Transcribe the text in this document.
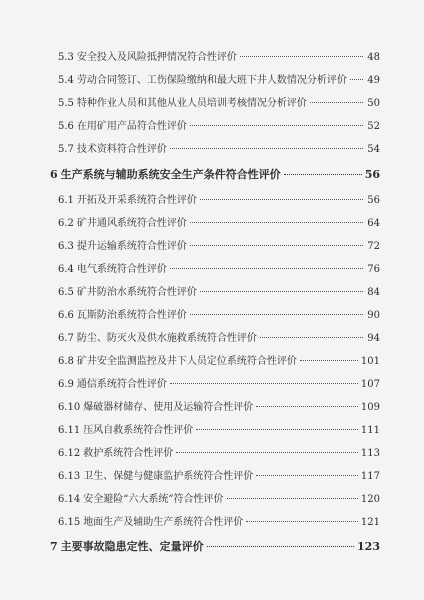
5.3 安全投入及风险抵押情况符合性评价	48
5.4 劳动合同签订、工伤保险缴纳和最大班下井人数情况分析评价 49
5.5 特种作业人员和其他从业人员培训考核情况分析评价	50
5.6 在用矿用产品符合性评价	52
5.7 技术资料符合性评价	54
6 生产系统与辅助系统安全生产条件符合性评价	56
6.1 开拓及开采系统符合性评价	56
6.2 矿井通风系统符合性评价	64
6.3 提升运输系统符合性评价	72
6.4 电气系统符合性评价	76
6.5 矿井防治水系统符合性评价	84
6.6 瓦斯防治系统符合性评价	90
6.7 防尘、防灭火及供水施救系统符合性评价	94
6.8 矿井安全监测监控及井下人员定位系统符合性评价	101
6.9 通信系统符合性评价	107
6.10 爆破器材储存、使用及运输符合性评价	109
6.11 压风自救系统符合性评价	111
6.12 救护系统符合性评价	113
6.13 卫生、保健与健康监护系统符合性评价	117
6.14 安全避险“六大系统”符合性评价	120
6.15 地面生产及辅助生产系统符合性评价	121
7 主要事故隐患定性、定量评价	123
